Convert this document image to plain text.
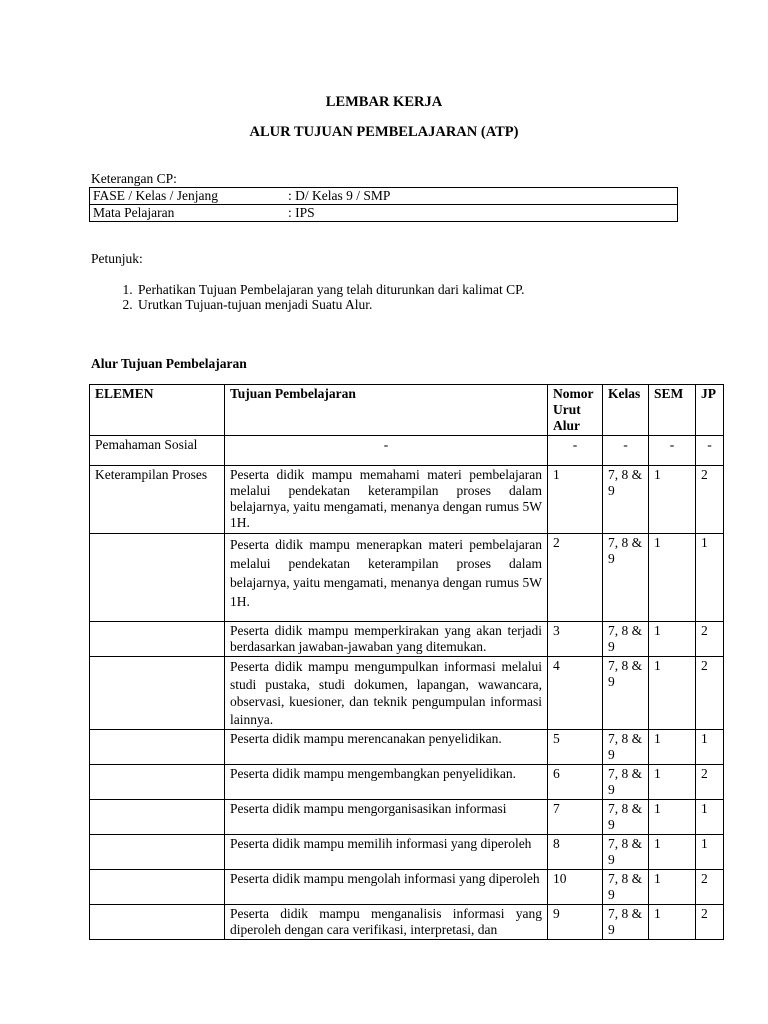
LEMBAR KERJA
ALUR TUJUAN PEMBELAJARAN (ATP)
Keterangan CP:
FASE / Kelas / Jenjang	: D/ Kelas 9 / SMP
Mata Pelajaran	: IPS
Petunjuk:
1. Perhatikan Tujuan Pembelajaran yang telah diturunkan dari kalimat CP.
2. Urutkan Tujuan-tujuan menjadi Suatu Alur.
Alur Tujuan Pembelajaran
ELEMEN	Tujuan Pembelajaran	Nomor Urut Alur	Kelas	SEM	JP
Pemahaman Sosial	-	-	-	-	-
Keterampilan Proses	Peserta didik mampu memahami materi pembelajaran melalui pendekatan keterampilan proses dalam belajarnya, yaitu mengamati, menanya dengan rumus 5W 1H.	1	7, 8 & 9	1	2
	Peserta didik mampu menerapkan materi pembelajaran melalui pendekatan keterampilan proses dalam belajarnya, yaitu mengamati, menanya dengan rumus 5W 1H.	2	7, 8 & 9	1	1
	Peserta didik mampu memperkirakan yang akan terjadi berdasarkan jawaban-jawaban yang ditemukan.	3	7, 8 & 9	1	2
	Peserta didik mampu mengumpulkan informasi melalui studi pustaka, studi dokumen, lapangan, wawancara, observasi, kuesioner, dan teknik pengumpulan informasi lainnya.	4	7, 8 & 9	1	2
	Peserta didik mampu merencanakan penyelidikan.	5	7, 8 & 9	1	1
	Peserta didik mampu mengembangkan penyelidikan.	6	7, 8 & 9	1	2
	Peserta didik mampu mengorganisasikan informasi	7	7, 8 & 9	1	1
	Peserta didik mampu memilih informasi yang diperoleh	8	7, 8 & 9	1	1
	Peserta didik mampu mengolah informasi yang diperoleh	10	7, 8 & 9	1	2
	Peserta didik mampu menganalisis informasi yang diperoleh dengan cara verifikasi, interpretasi, dan	9	7, 8 & 9	1	2
